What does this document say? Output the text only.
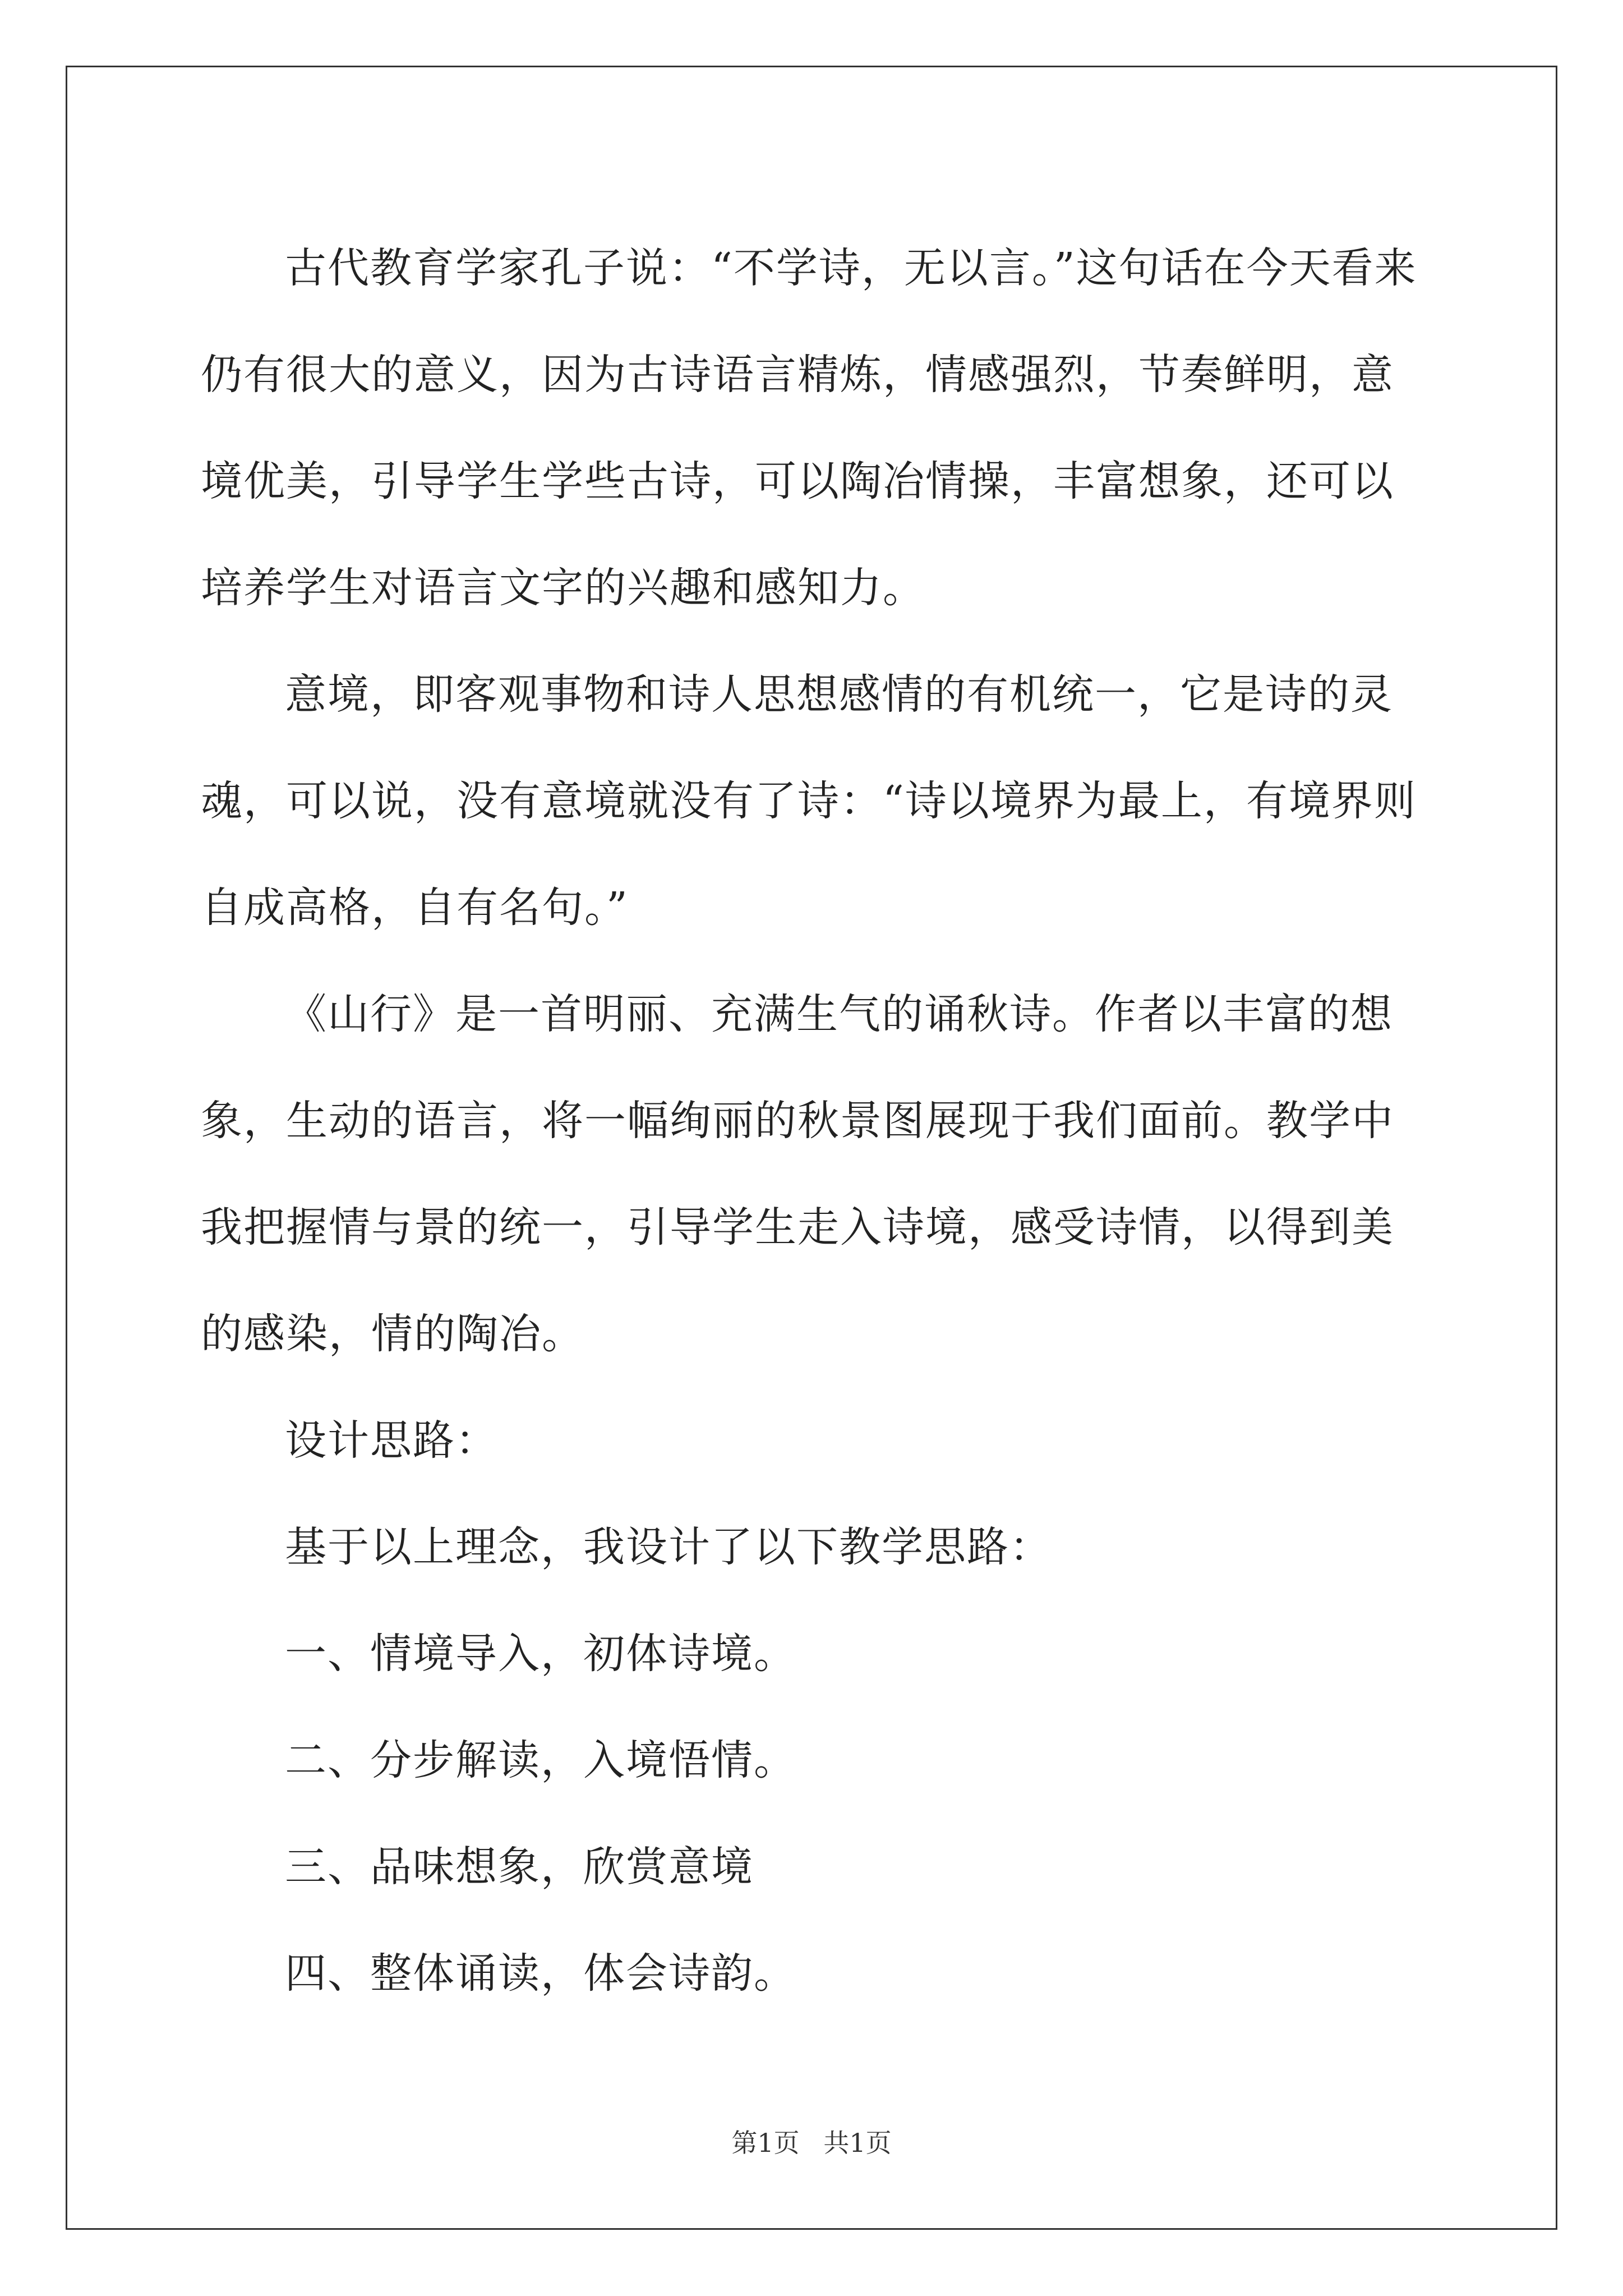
古代教育学家孔子说：“不学诗，无以言。”这句话在今天看来仍有很大的意义，因为古诗语言精炼，情感强烈，节奏鲜明，意境优美，引导学生学些古诗，可以陶冶情操，丰富想象，还可以培养学生对语言文字的兴趣和感知力。

意境，即客观事物和诗人思想感情的有机统一，它是诗的灵魂，可以说，没有意境就没有了诗：“诗以境界为最上，有境界则自成高格，自有名句。”

《山行》是一首明丽、充满生气的诵秋诗。作者以丰富的想象，生动的语言，将一幅绚丽的秋景图展现于我们面前。教学中我把握情与景的统一，引导学生走入诗境，感受诗情，以得到美的感染，情的陶冶。

设计思路：

基于以上理念，我设计了以下教学思路：

一、情境导入，初体诗境。

二、分步解读，入境悟情。

三、品味想象，欣赏意境

四、整体诵读，体会诗韵。

第1页 共1页
